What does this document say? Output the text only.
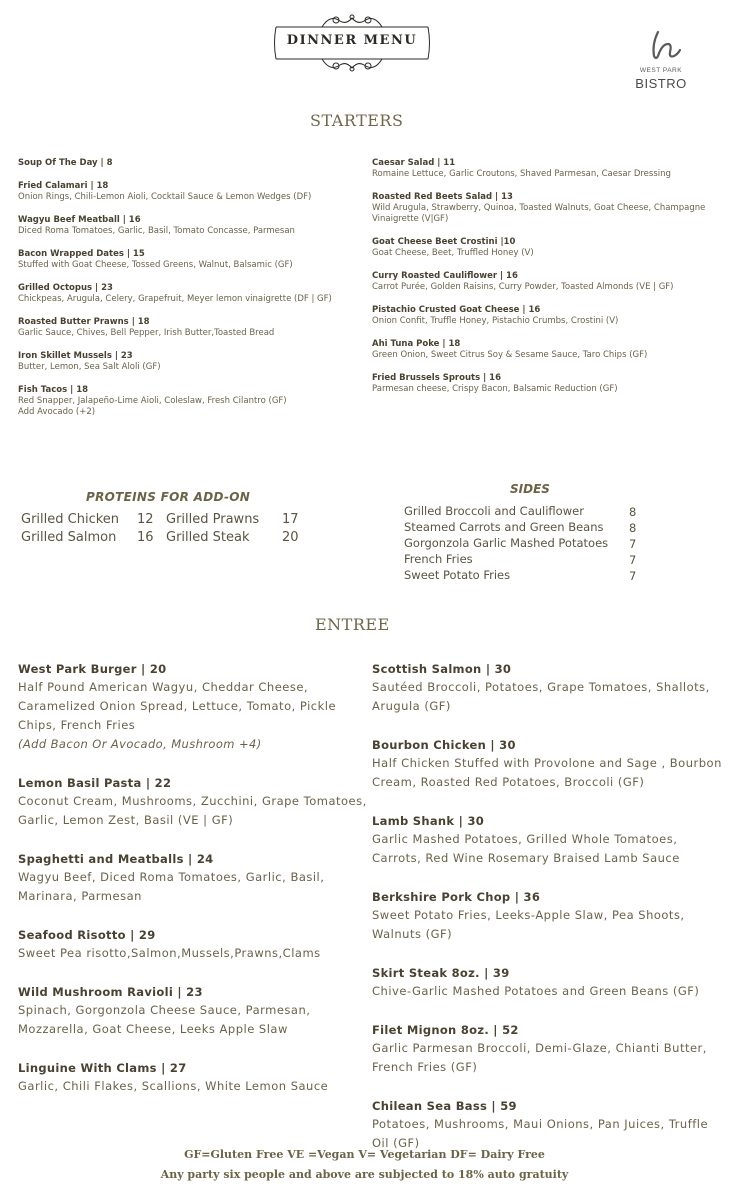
DINNER MENU
WEST PARK
BISTRO
STARTERS
Soup Of The Day | 8
Fried Calamari | 18
Onion Rings, Chili-Lemon Aioli, Cocktail Sauce & Lemon Wedges (DF)
Wagyu Beef Meatball | 16
Diced Roma Tomatoes, Garlic, Basil, Tomato Concasse, Parmesan
Bacon Wrapped Dates | 15
Stuffed with Goat Cheese, Tossed Greens, Walnut, Balsamic (GF)
Grilled Octopus | 23
Chickpeas, Arugula, Celery, Grapefruit, Meyer lemon vinaigrette (DF | GF)
Roasted Butter Prawns | 18
Garlic Sauce, Chives, Bell Pepper, Irish Butter,Toasted Bread
Iron Skillet Mussels | 23
Butter, Lemon, Sea Salt Aloli (GF)
Fish Tacos | 18
Red Snapper, Jalapeño-Lime Aioli, Coleslaw, Fresh Cilantro (GF)
Add Avocado (+2)
Caesar Salad | 11
Romaine Lettuce, Garlic Croutons, Shaved Parmesan, Caesar Dressing
Roasted Red Beets Salad | 13
Wild Arugula, Strawberry, Quinoa, Toasted Walnuts, Goat Cheese, Champagne Vinaigrette (V|GF)
Goat Cheese Beet Crostini |10
Goat Cheese, Beet, Truffled Honey (V)
Curry Roasted Cauliflower | 16
Carrot Purée, Golden Raisins, Curry Powder, Toasted Almonds (VE | GF)
Pistachio Crusted Goat Cheese | 16
Onion Confit, Truffle Honey, Pistachio Crumbs, Crostini (V)
Ahi Tuna Poke | 18
Green Onion, Sweet Citrus Soy & Sesame Sauce, Taro Chips (GF)
Fried Brussels Sprouts | 16
Parmesan cheese, Crispy Bacon, Balsamic Reduction (GF)
PROTEINS FOR ADD-ON
Grilled Chicken	12	Grilled Prawns	17
Grilled Salmon	16	Grilled Steak	20
SIDES
Grilled Broccoli and Cauliflower	8
Steamed Carrots and Green Beans 8
Gorgonzola Garlic Mashed Potatoes 7
French Fries	7
Sweet Potato Fries	7
ENTREE
West Park Burger | 20
Half Pound American Wagyu, Cheddar Cheese, Caramelized Onion Spread, Lettuce, Tomato, Pickle Chips, French Fries
(Add Bacon Or Avocado, Mushroom +4)
Lemon Basil Pasta | 22
Coconut Cream, Mushrooms, Zucchini, Grape Tomatoes, Garlic, Lemon Zest, Basil (VE | GF)
Spaghetti and Meatballs | 24
Wagyu Beef, Diced Roma Tomatoes, Garlic, Basil, Marinara, Parmesan
Seafood Risotto | 29
Sweet Pea risotto,Salmon,Mussels,Prawns,Clams
Wild Mushroom Ravioli | 23
Spinach, Gorgonzola Cheese Sauce, Parmesan, Mozzarella, Goat Cheese, Leeks Apple Slaw
Linguine With Clams | 27
Garlic, Chili Flakes, Scallions, White Lemon Sauce
Scottish Salmon | 30
Sautéed Broccoli, Potatoes, Grape Tomatoes, Shallots, Arugula (GF)
Bourbon Chicken | 30
Half Chicken Stuffed with Provolone and Sage , Bourbon Cream, Roasted Red Potatoes, Broccoli (GF)
Lamb Shank | 30
Garlic Mashed Potatoes, Grilled Whole Tomatoes, Carrots, Red Wine Rosemary Braised Lamb Sauce
Berkshire Pork Chop | 36
Sweet Potato Fries, Leeks-Apple Slaw, Pea Shoots, Walnuts (GF)
Skirt Steak 8oz. | 39
Chive-Garlic Mashed Potatoes and Green Beans (GF)
Filet Mignon 8oz. | 52
Garlic Parmesan Broccoli, Demi-Glaze, Chianti Butter, French Fries (GF)
Chilean Sea Bass | 59
Potatoes, Mushrooms, Maui Onions, Pan Juices, Truffle Oil (GF)
GF=Gluten Free VE =Vegan V= Vegetarian DF= Dairy Free
Any party six people and above are subjected to 18% auto gratuity
